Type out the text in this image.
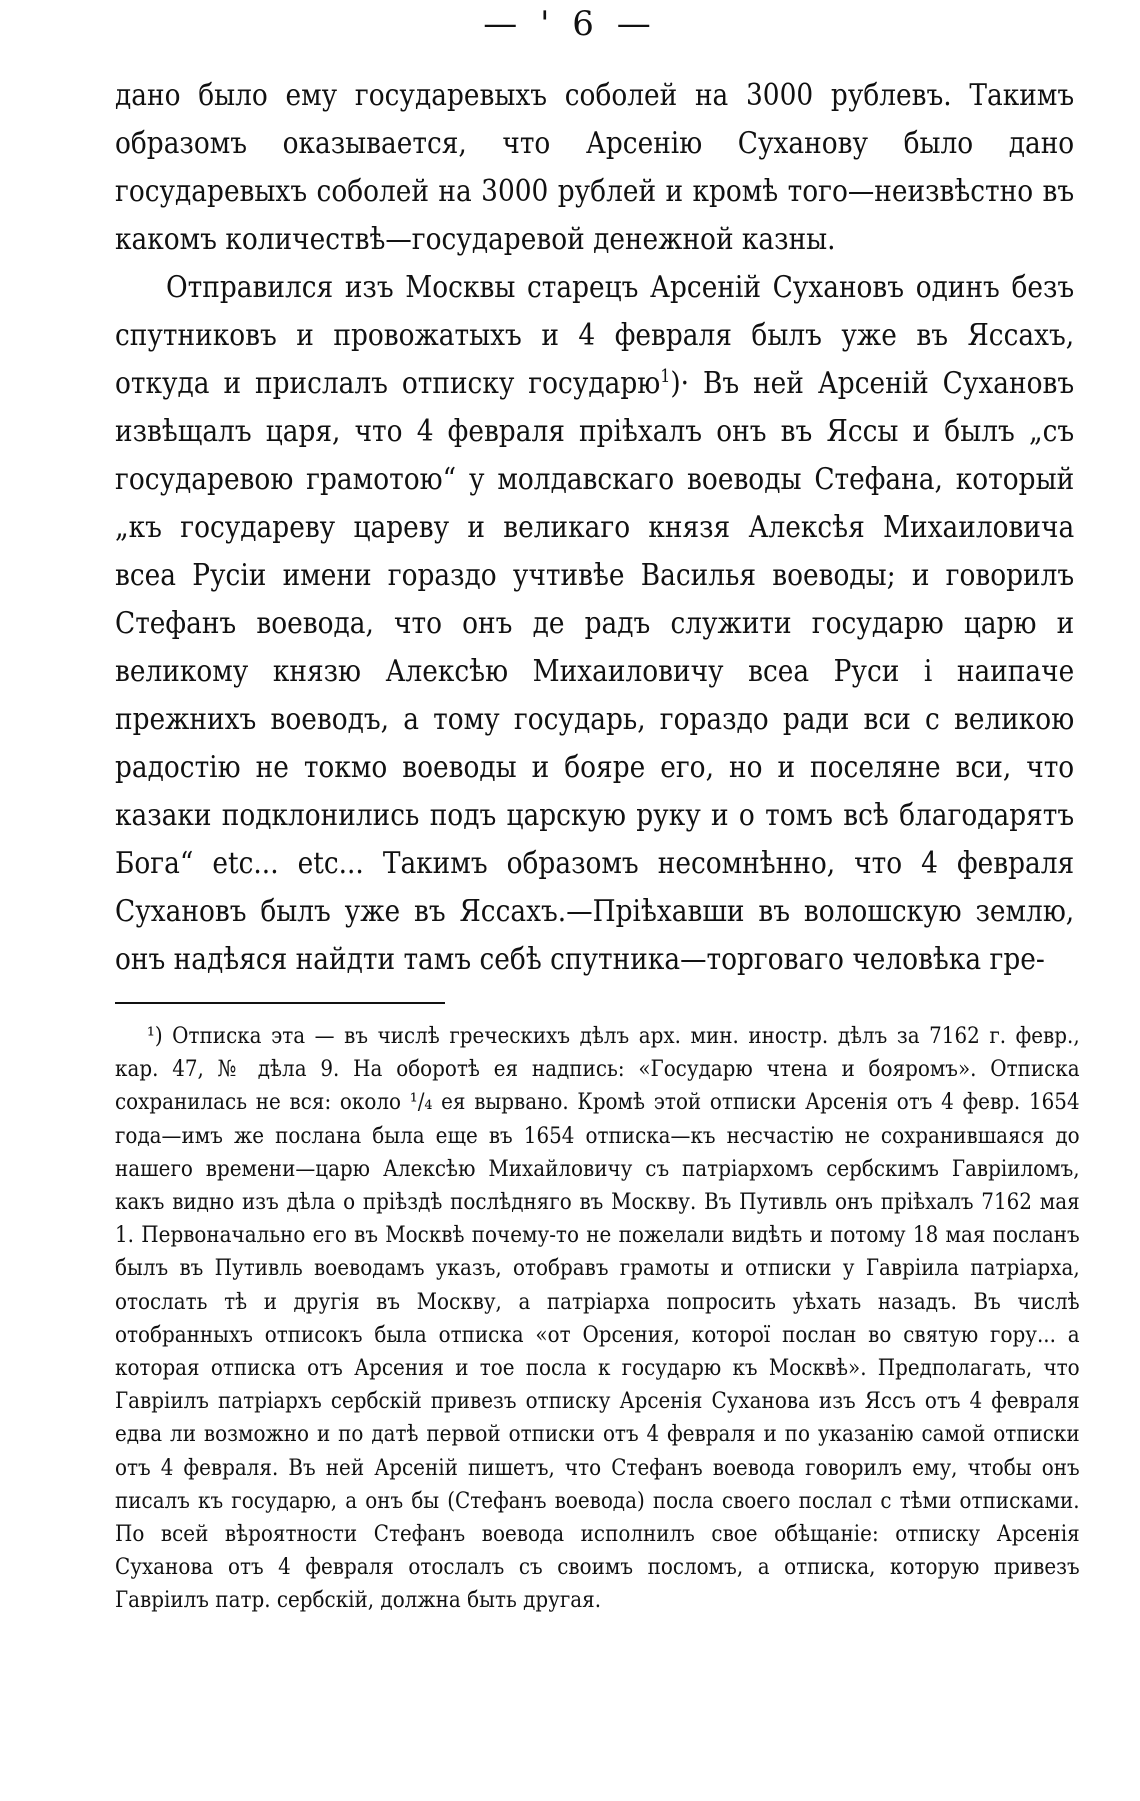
— ' 6 —

дано было ему государевыхъ соболей на 3000 рублевъ. Такимъ образомъ оказывается, что Арсенію Суханову было дано государевыхъ соболей на 3000 рублей и кромѣ того—неизвѣстно въ какомъ количествѣ—государевой денежной казны.

Отправился изъ Москвы старецъ Арсеній Сухановъ одинъ безъ спутниковъ и провожатыхъ и 4 февраля былъ уже въ Яссахъ, откуда и прислалъ отписку государю$^1$)· Въ ней Арсеній Сухановъ извѣщалъ царя, что 4 февраля пріѣхалъ онъ въ Яссы и былъ „съ государевою грамотою“ у молдавскаго воеводы Стефана, который „къ государеву цареву и великаго князя Алексѣя Михаиловича всеа Русіи имени гораздо учтивѣе Василья воеводы; и говорилъ Стефанъ воевода, что онъ де радъ служити государю царю и великому князю Алексѣю Михаиловичу всеа Руси і наипаче прежнихъ воеводъ, а тому государь, гораздо ради вси с великою радостію не токмо воеводы и бояре его, но и поселяне вси, что казаки подклонились подъ царскую руку и о томъ всѣ благодарятъ Бога“ etc... etc... Такимъ образомъ несомнѣнно, что 4 февраля Сухановъ былъ уже въ Яссахъ.—Пріѣхавши въ волошскую землю, онъ надѣяся найдти тамъ себѣ спутника—торговаго человѣка гре-

¹) Отписка эта — въ числѣ греческихъ дѣлъ арх. мин. иностр. дѣлъ за 7162 г. февр., кар. 47, № дѣла 9. На оборотѣ ея надпись: «Государю чтена и бояромъ». Отписка сохранилась не вся: около ¹/₄ ея вырвано. Кромѣ этой отписки Арсенія отъ 4 февр. 1654 года—имъ же послана была еще въ 1654 отписка—къ несчастію не сохранившаяся до нашего времени—царю Алексѣю Михайловичу съ патріархомъ сербскимъ Гавріиломъ, какъ видно изъ дѣла о пріѣздѣ послѣдняго въ Москву. Въ Путивль онъ пріѣхалъ 7162 мая 1. Первоначально его въ Москвѣ почему-то не пожелали видѣть и потому 18 мая посланъ былъ въ Путивль воеводамъ указъ, отобравъ грамоты и отписки у Гавріила патріарха, отослать тѣ и другія въ Москву, а патріарха попросить уѣхать назадъ. Въ числѣ отобранныхъ отписокъ была отписка «от Орсения, которої послан во святую гору... а которая отписка отъ Арсения и тое посла к государю къ Москвѣ». Предполагать, что Гавріилъ патріархъ сербскій привезъ отписку Арсенія Суханова изъ Яссъ отъ 4 февраля едва ли возможно и по датѣ первой отписки отъ 4 февраля и по указанію самой отписки отъ 4 февраля. Въ ней Арсеній пишетъ, что Стефанъ воевода говорилъ ему, чтобы онъ писалъ къ государю, а онъ бы (Стефанъ воевода) посла своего послал с тѣми отписками. По всей вѣроятности Стефанъ воевода исполнилъ свое обѣщаніе: отписку Арсенія Суханова отъ 4 февраля отослалъ съ своимъ посломъ, а отписка, которую привезъ Гавріилъ патр. сербскій, должна быть другая.
